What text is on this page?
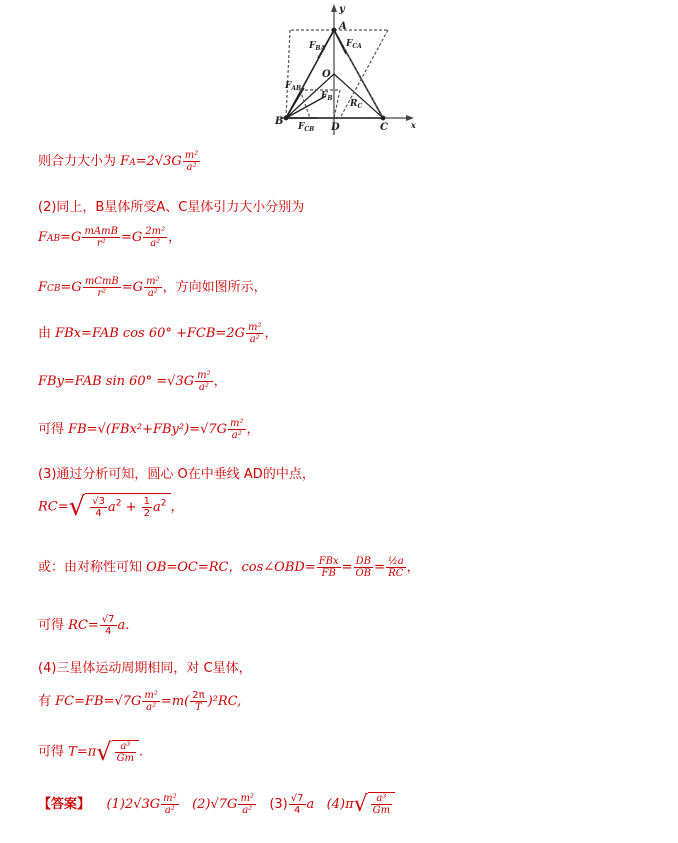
y
A
O
B
D	C	x
$F_{BA}$ $F_{CA}$
$F_{AB}$
$F_B$
$R_C$
$F_{CB}$
则合力大小为 $FA=2√3G \frac{\text{m²}}{\text{a²}}$
(2)同上，B星体所受A、C星体引力大小分别为
$FAB=G \frac{\text{mAmB}}{\text{r²}} =G \frac{\text{2m²}}{\text{a²}}$ ，
$FCB=G \frac{\text{mCmB}}{\text{r²}} =G \frac{\text{m²}}{\text{a²}}$ ，方向如图所示，
由 FBx=FAB $\cos 60^\circ +FCB=2G \frac{\text{m²}}{\text{a²}}$ ，
FBy=FAB $\sin 60^\circ =√3G \frac{\text{m²}}{\text{a²}}$ ，
可得 $FB=√(FBx^2+FBy^2)=√7G \frac{\text{m²}}{\text{a²}}$ ，
(3)通过分析可知，圆心 O在中垂线 AD的中点，
$RC=√ \frac{√3}{4} a^2 + \frac{1}{2} a^2$ ，
或：由对称性可知 OB=OC=RC，cos∠OBD= $\frac{\text{FBx}}{FB} = \frac{DB}{OB} = \frac{\text{½a}}{RC}$ ，
可得 $RC= \frac{√7}{4} a$.
(4)三星体运动周期相同，对 C星体，
有 $FC=FB=√7G \frac{\text{m²}}{\text{a²}} =m( \frac{2\pi}{T} )^2RC$,
可得 $T=\pi√ \frac{\text{a³}}{Gm}$ .
【答案】 $(1)2√3G \frac{\text{m²}}{\text{a²}} (2)√7G \frac{\text{m²}}{\text{a²}} (3) \frac{√7}{4}$ a $(4)\pi√ \frac{\text{a³}}{Gm}$
